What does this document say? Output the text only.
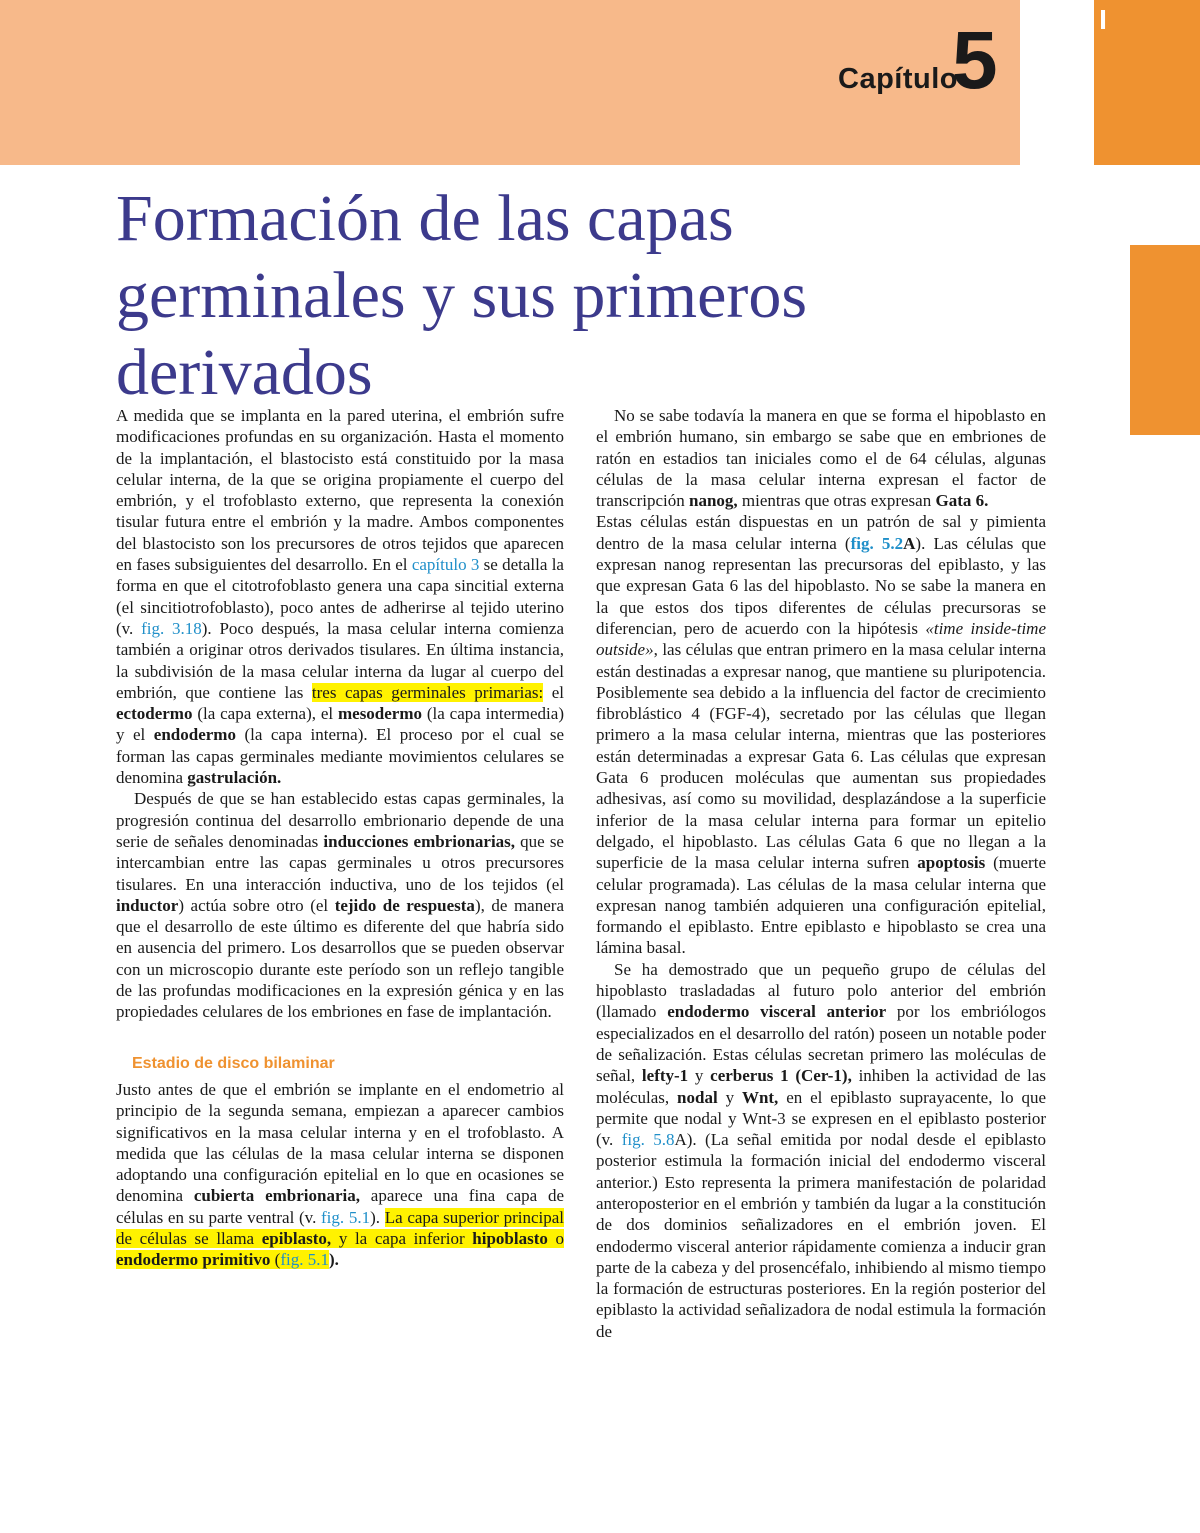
Capítulo
5	I
Formación de las capas germinales y sus primeros derivados

A medida que se implanta en la pared uterina, el embrión sufre modificaciones profundas en su organización. Hasta el momento de la implantación, el blastocisto está constituido por la masa celular interna, de la que se origina propiamente el cuerpo del embrión, y el trofoblasto externo, que representa la conexión tisular futura entre el embrión y la madre. Ambos componentes del blastocisto son los precursores de otros tejidos que aparecen en fases subsiguientes del desarrollo. En el capítulo 3 se detalla la forma en que el citotrofoblasto genera una capa sincitial externa (el sincitiotrofoblasto), poco antes de adherirse al tejido uterino (v. fig. 3.18). Poco después, la masa celular interna comienza también a originar otros derivados tisulares. En última instancia, la subdivisión de la masa celular interna da lugar al cuerpo del embrión, que contiene las tres capas germinales primarias: el ectodermo (la capa externa), el mesodermo (la capa intermedia) y el endodermo (la capa interna). El proceso por el cual se forman las capas germinales mediante movimientos celulares se denomina gastrulación.

Después de que se han establecido estas capas germinales, la progresión continua del desarrollo embrionario depende de una serie de señales denominadas inducciones embrionarias, que se intercambian entre las capas germinales u otros precursores tisulares. En una interacción inductiva, uno de los tejidos (el inductor) actúa sobre otro (el tejido de respuesta), de manera que el desarrollo de este último es diferente del que habría sido en ausencia del primero. Los desarrollos que se pueden observar con un microscopio durante este período son un reflejo tangible de las profundas modificaciones en la expresión génica y en las propiedades celulares de los embriones en fase de implantación.

Estadio de disco bilaminar

Justo antes de que el embrión se implante en el endometrio al principio de la segunda semana, empiezan a aparecer cambios significativos en la masa celular interna y en el trofoblasto. A medida que las células de la masa celular interna se disponen adoptando una configuración epitelial en lo que en ocasiones se denomina cubierta embrionaria, aparece una fina capa de células en su parte ventral (v. fig. 5.1). La capa superior principal de células se llama epiblasto, y la capa inferior hipoblasto o endodermo primitivo (fig. 5.1).

No se sabe todavía la manera en que se forma el hipoblasto en el embrión humano, sin embargo se sabe que en embriones de ratón en estadios tan iniciales como el de 64 células, algunas células de la masa celular interna expresan el factor de transcripción nanog, mientras que otras expresan Gata 6.

Estas células están dispuestas en un patrón de sal y pimienta dentro de la masa celular interna (fig. 5.2A). Las células que expresan nanog representan las precursoras del epiblasto, y las que expresan Gata 6 las del hipoblasto. No se sabe la manera en la que estos dos tipos diferentes de células precursoras se diferencian, pero de acuerdo con la hipótesis «time inside-time outside», las células que entran primero en la masa celular interna están destinadas a expresar nanog, que mantiene su pluripotencia. Posiblemente sea debido a la influencia del factor de crecimiento fibroblástico 4 (FGF-4), secretado por las células que llegan primero a la masa celular interna, mientras que las posteriores están determinadas a expresar Gata 6. Las células que expresan Gata 6 producen moléculas que aumentan sus propiedades adhesivas, así como su movilidad, desplazándose a la superficie inferior de la masa celular interna para formar un epitelio delgado, el hipoblasto. Las células Gata 6 que no llegan a la superficie de la masa celular interna sufren apoptosis (muerte celular programada). Las células de la masa celular interna que expresan nanog también adquieren una configuración epitelial, formando el epiblasto. Entre epiblasto e hipoblasto se crea una lámina basal.

Se ha demostrado que un pequeño grupo de células del hipoblasto trasladadas al futuro polo anterior del embrión (llamado endodermo visceral anterior por los embriólogos especializados en el desarrollo del ratón) poseen un notable poder de señalización. Estas células secretan primero las moléculas de señal, lefty-1 y cerberus 1 (Cer-1), inhiben la actividad de las moléculas, nodal y Wnt, en el epiblasto suprayacente, lo que permite que nodal y Wnt-3 se expresen en el epiblasto posterior (v. fig. 5.8A). (La señal emitida por nodal desde el epiblasto posterior estimula la formación inicial del endodermo visceral anterior.) Esto representa la primera manifestación de polaridad anteroposterior en el embrión y también da lugar a la constitución de dos dominios señalizadores en el embrión joven. El endodermo visceral anterior rápidamente comienza a inducir gran parte de la cabeza y del prosencéfalo, inhibiendo al mismo tiempo la formación de estructuras posteriores. En la región posterior del epiblasto la actividad señalizadora de nodal estimula la formación de
